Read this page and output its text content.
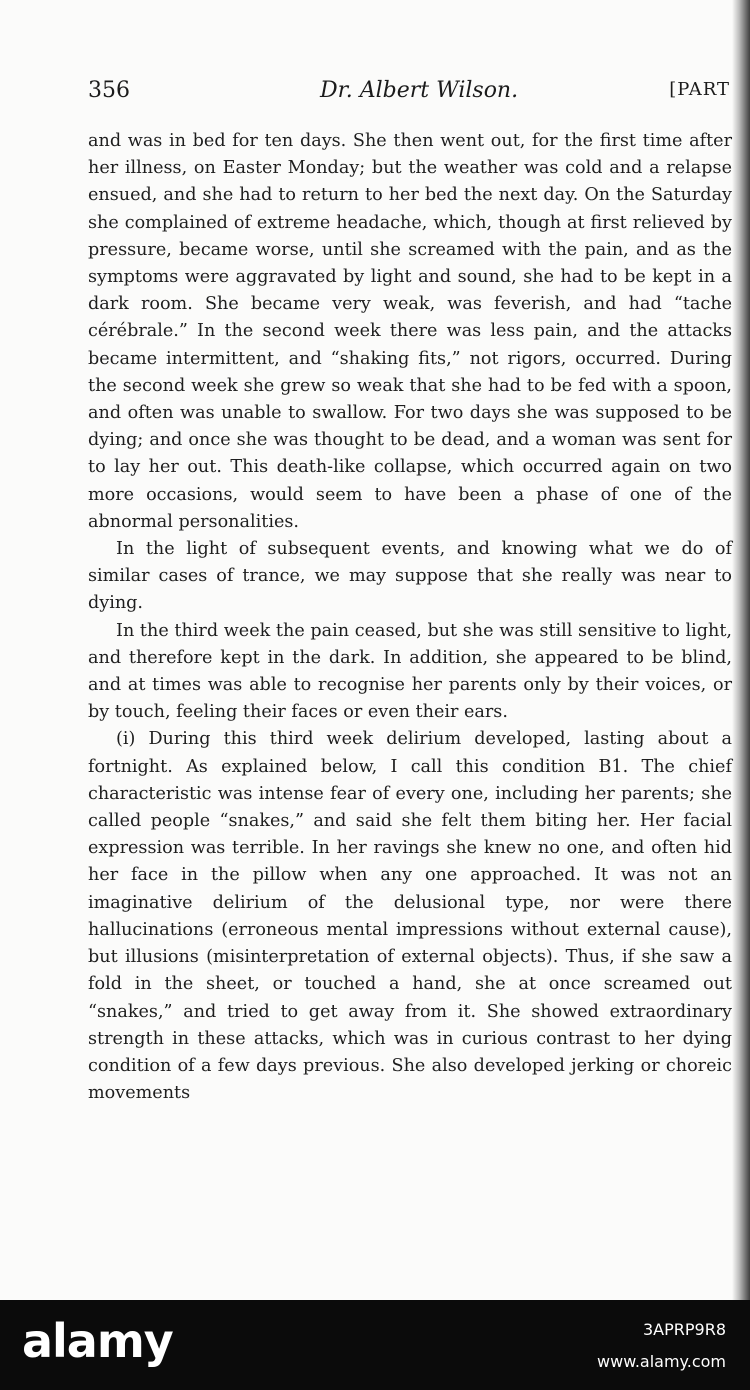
356	Dr. Albert Wilson.	[PART

and was in bed for ten days. She then went out, for the first time after her illness, on Easter Monday; but the weather was cold and a relapse ensued, and she had to return to her bed the next day. On the Saturday she complained of extreme headache, which, though at first relieved by pressure, became worse, until she screamed with the pain, and as the symptoms were aggravated by light and sound, she had to be kept in a dark room. She became very weak, was feverish, and had “tache cérébrale.” In the second week there was less pain, and the attacks became intermittent, and “shaking fits,” not rigors, occurred. During the second week she grew so weak that she had to be fed with a spoon, and often was unable to swallow. For two days she was supposed to be dying; and once she was thought to be dead, and a woman was sent for to lay her out. This death-like collapse, which occurred again on two more occasions, would seem to have been a phase of one of the abnormal personalities.

In the light of subsequent events, and knowing what we do of similar cases of trance, we may suppose that she really was near to dying.

In the third week the pain ceased, but she was still sensitive to light, and therefore kept in the dark. In addition, she appeared to be blind, and at times was able to recognise her parents only by their voices, or by touch, feeling their faces or even their ears.

(i) During this third week delirium developed, lasting about a fortnight. As explained below, I call this condition B1. The chief characteristic was intense fear of every one, including her parents; she called people “snakes,” and said she felt them biting her. Her facial expression was terrible. In her ravings she knew no one, and often hid her face in the pillow when any one approached. It was not an imaginative delirium of the delusional type, nor were there hallucinations (erroneous mental impressions without external cause), but illusions (misinterpretation of external objects). Thus, if she saw a fold in the sheet, or touched a hand, she at once screamed out “snakes,” and tried to get away from it. She showed extraordinary strength in these attacks, which was in curious contrast to her dying condition of a few days previous. She also developed jerking or choreic movements

alamy	3APRP9R8
www.alamy.com
